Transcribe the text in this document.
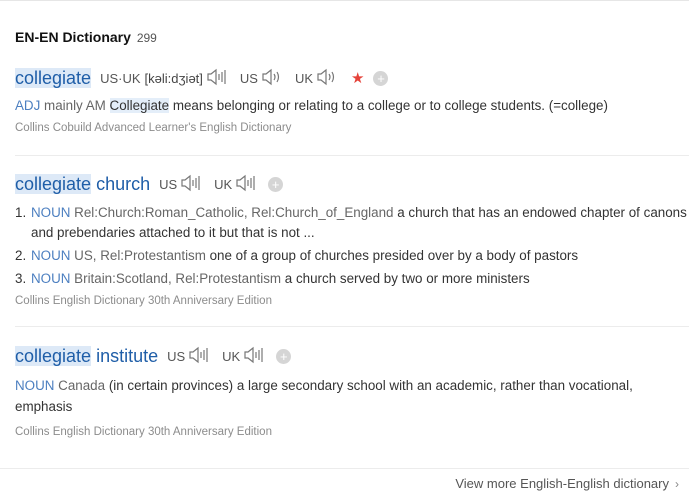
EN-EN Dictionary 299
collegiate US·UK [kəli:dʒiət]	US	UK	★ +
ADJ mainly AM Collegiate means belonging or relating to a college or to college students. (=college)
Collins Cobuild Advanced Learner's English Dictionary
collegiate church US	UK	+
1. NOUN Rel:Church:Roman_Catholic, Rel:Church_of_England a church that has an endowed chapter of canons and prebendaries attached to it but that is not ...
2. NOUN US, Rel:Protestantism one of a group of churches presided over by a body of pastors
3. NOUN Britain:Scotland, Rel:Protestantism a church served by two or more ministers
Collins English Dictionary 30th Anniversary Edition
collegiate institute US	UK	+
NOUN Canada (in certain provinces) a large secondary school with an academic, rather than vocational, emphasis
Collins English Dictionary 30th Anniversary Edition
View more English-English dictionary ›
